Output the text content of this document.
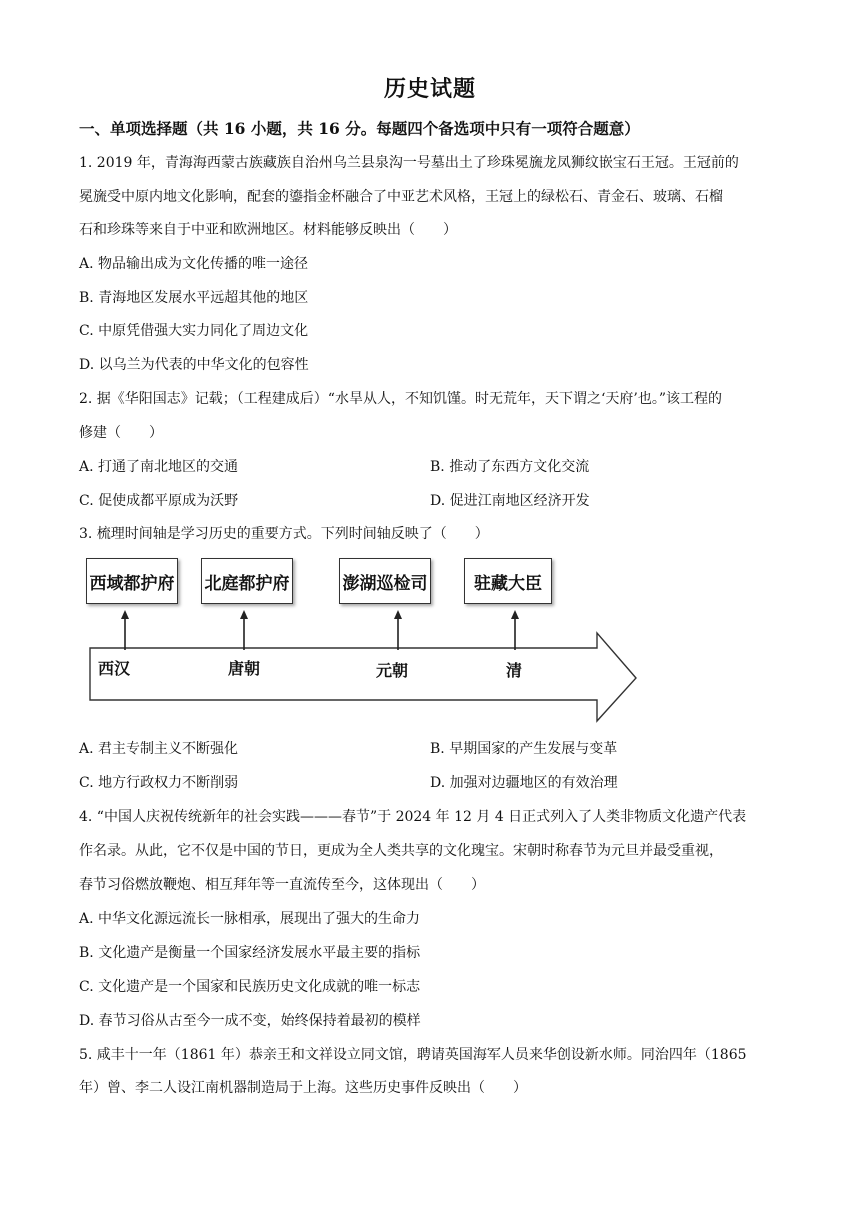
历史试题
一、单项选择题（共 16 小题，共 16 分。每题四个备选项中只有一项符合题意）
1. 2019 年，青海海西蒙古族藏族自治州乌兰县泉沟一号墓出土了珍珠冕旒龙凤狮纹嵌宝石王冠。王冠前的
冕旒受中原内地文化影响，配套的鎏指金杯融合了中亚艺术风格，王冠上的绿松石、青金石、玻璃、石榴
石和珍珠等来自于中亚和欧洲地区。材料能够反映出（　　）
A. 物品输出成为文化传播的唯一途径
B. 青海地区发展水平远超其他的地区
C. 中原凭借强大实力同化了周边文化
D. 以乌兰为代表的中华文化的包容性
2. 据《华阳国志》记载；（工程建成后）“水旱从人，不知饥馑。时无荒年，天下谓之‘天府’也。”该工程的
修建（　　）
A. 打通了南北地区的交通	B. 推动了东西方文化交流
C. 促使成都平原成为沃野	D. 促进江南地区经济开发
3. 梳理时间轴是学习历史的重要方式。下列时间轴反映了（　　）
西域都护府 北庭都护府	澎湖巡检司	驻藏大臣
西汉	唐朝	元朝	清
A. 君主专制主义不断强化	B. 早期国家的产生发展与变革
C. 地方行政权力不断削弱	D. 加强对边疆地区的有效治理
4. “中国人庆祝传统新年的社会实践———春节”于 2024 年 12 月 4 日正式列入了人类非物质文化遗产代表
作名录。从此，它不仅是中国的节日，更成为全人类共享的文化瑰宝。宋朝时称春节为元旦并最受重视，
春节习俗燃放鞭炮、相互拜年等一直流传至今，这体现出（　　）
A. 中华文化源远流长一脉相承，展现出了强大的生命力
B. 文化遗产是衡量一个国家经济发展水平最主要的指标
C. 文化遗产是一个国家和民族历史文化成就的唯一标志
D. 春节习俗从古至今一成不变，始终保持着最初的模样
5. 咸丰十一年（1861 年）恭亲王和文祥设立同文馆，聘请英国海军人员来华创设新水师。同治四年（1865
年）曾、李二人设江南机器制造局于上海。这些历史事件反映出（　　）
